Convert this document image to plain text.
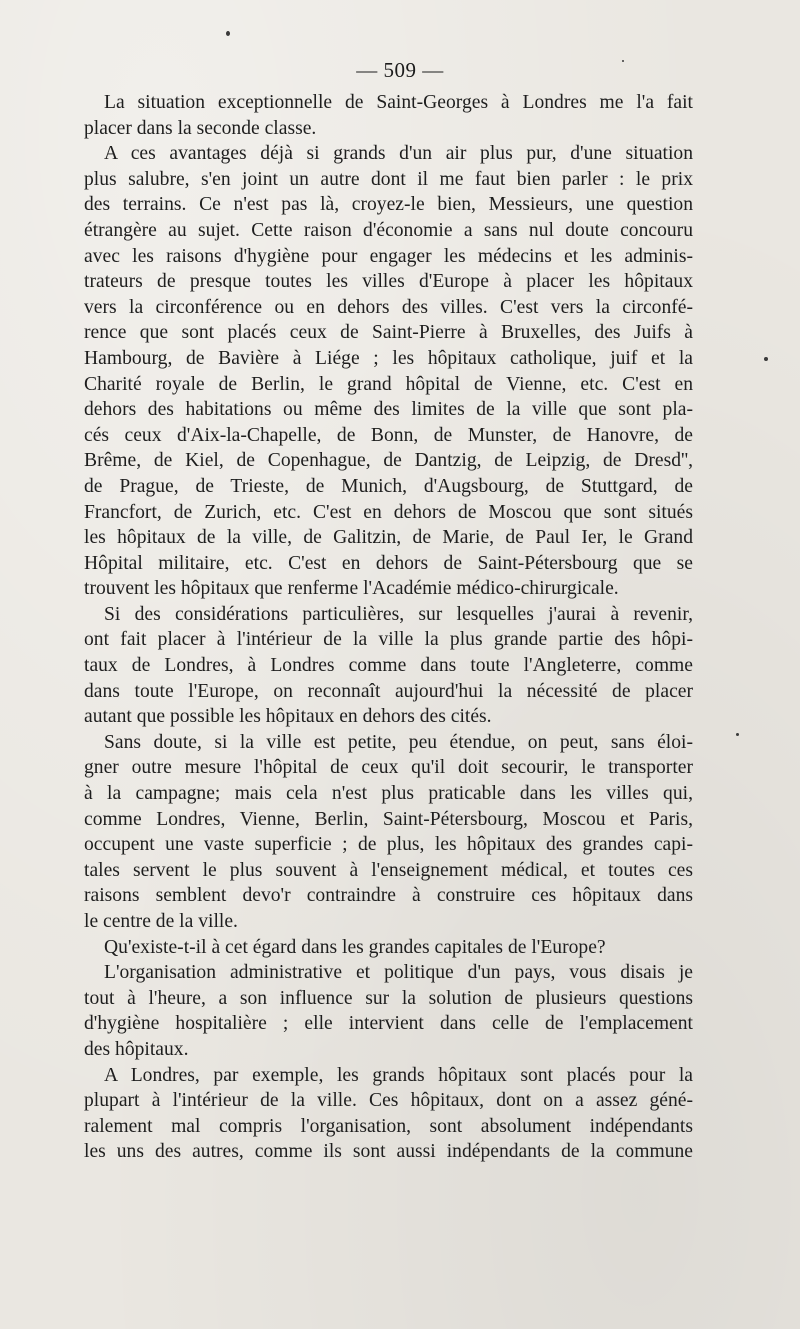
— 509 —
La situation exceptionnelle de Saint-Georges à Londres me l'a fait
placer dans la seconde classe.
A ces avantages déjà si grands d'un air plus pur, d'une situation
plus salubre, s'en joint un autre dont il me faut bien parler : le prix
des terrains. Ce n'est pas là, croyez-le bien, Messieurs, une question
étrangère au sujet. Cette raison d'économie a sans nul doute concouru
avec les raisons d'hygiène pour engager les médecins et les adminis-
trateurs de presque toutes les villes d'Europe à placer les hôpitaux
vers la circonférence ou en dehors des villes. C'est vers la circonfé-
rence que sont placés ceux de Saint-Pierre à Bruxelles, des Juifs à
Hambourg, de Bavière à Liége ; les hôpitaux catholique, juif et la
Charité royale de Berlin, le grand hôpital de Vienne, etc. C'est en
dehors des habitations ou même des limites de la ville que sont pla-
cés ceux d'Aix-la-Chapelle, de Bonn, de Munster, de Hanovre, de
Brême, de Kiel, de Copenhague, de Dantzig, de Leipzig, de Dresd'',
de Prague, de Trieste, de Munich, d'Augsbourg, de Stuttgard, de
Francfort, de Zurich, etc. C'est en dehors de Moscou que sont situés
les hôpitaux de la ville, de Galitzin, de Marie, de Paul Ier, le Grand
Hôpital militaire, etc. C'est en dehors de Saint-Pétersbourg que se
trouvent les hôpitaux que renferme l'Académie médico-chirurgicale.
Si des considérations particulières, sur lesquelles j'aurai à revenir,
ont fait placer à l'intérieur de la ville la plus grande partie des hôpi-
taux de Londres, à Londres comme dans toute l'Angleterre, comme
dans toute l'Europe, on reconnaît aujourd'hui la nécessité de placer
autant que possible les hôpitaux en dehors des cités.
Sans doute, si la ville est petite, peu étendue, on peut, sans éloi-
gner outre mesure l'hôpital de ceux qu'il doit secourir, le transporter
à la campagne; mais cela n'est plus praticable dans les villes qui,
comme Londres, Vienne, Berlin, Saint-Pétersbourg, Moscou et Paris,
occupent une vaste superficie ; de plus, les hôpitaux des grandes capi-
tales servent le plus souvent à l'enseignement médical, et toutes ces
raisons semblent devo'r contraindre à construire ces hôpitaux dans
le centre de la ville.
Qu'existe-t-il à cet égard dans les grandes capitales de l'Europe?
L'organisation administrative et politique d'un pays, vous disais je
tout à l'heure, a son influence sur la solution de plusieurs questions
d'hygiène hospitalière ; elle intervient dans celle de l'emplacement
des hôpitaux.
A Londres, par exemple, les grands hôpitaux sont placés pour la
plupart à l'intérieur de la ville. Ces hôpitaux, dont on a assez géné-
ralement mal compris l'organisation, sont absolument indépendants
les uns des autres, comme ils sont aussi indépendants de la commune
